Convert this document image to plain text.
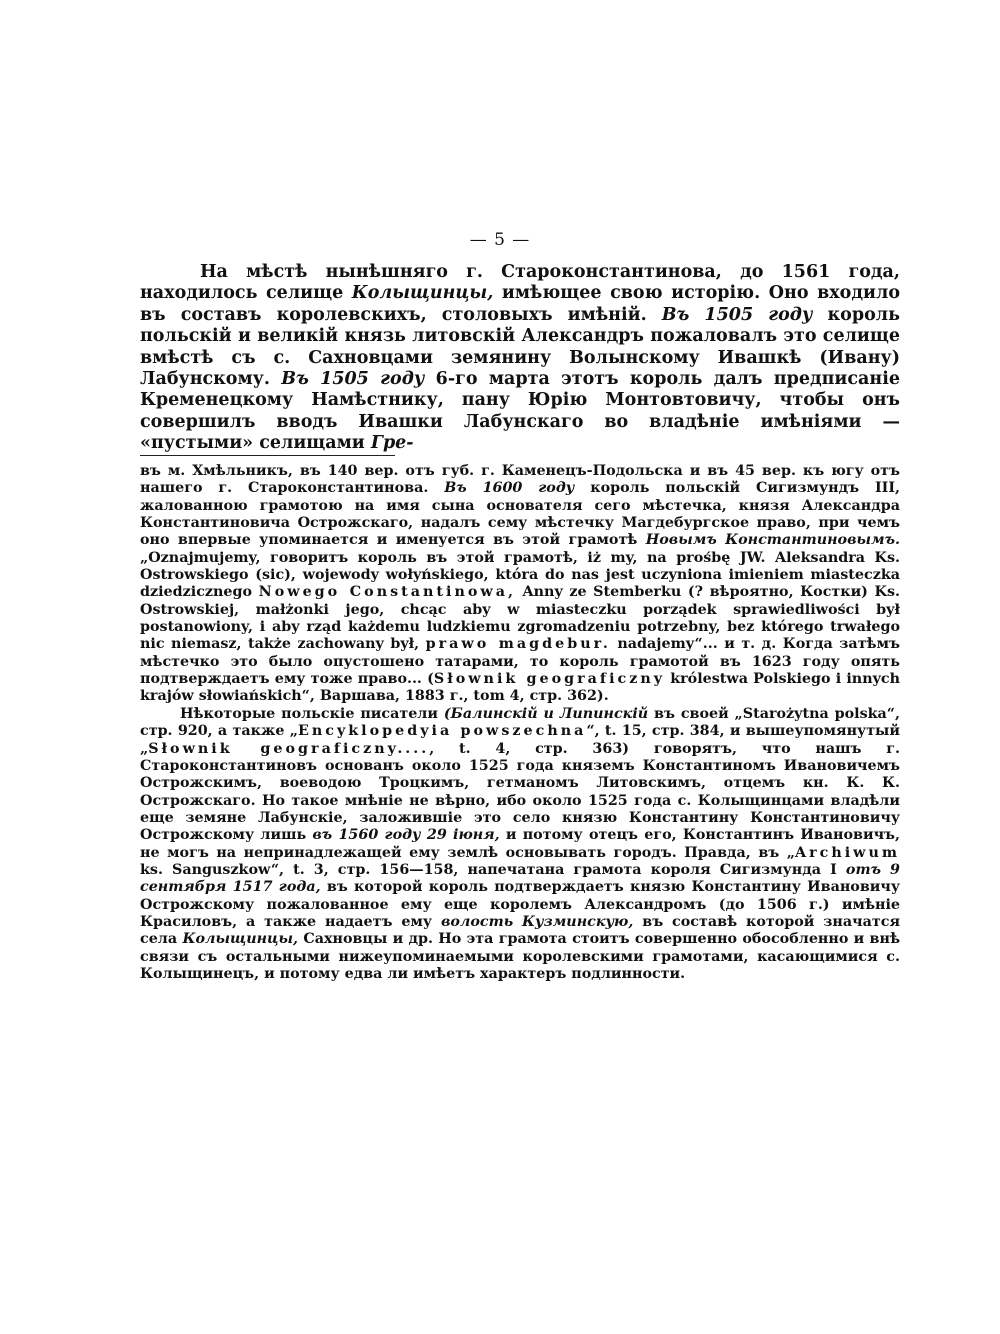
— 5 —

На мѣстѣ нынѣшняго г. Староконстантинова, до 1561 года, находилось селище Колыщинцы, имѣющее свою исторію. Оно входило въ составъ королевскихъ, столовыхъ имѣній. Въ 1505 году король польскій и великій князь литовскій Александръ пожаловалъ это селище вмѣстѣ съ с. Сахновцами земянину Волынскому Ивашкѣ (Ивану) Лабунскому. Въ 1505 году 6-го марта этотъ король далъ предписаніе Кременецкому Намѣстнику, пану Юрію Монтовтовичу, чтобы онъ совершилъ вводъ Ивашки Лабунскаго во владѣніе имѣніями — «пустыми» селищами Гре-

въ м. Хмѣльникъ, въ 140 вер. отъ губ. г. Каменецъ-Подольска и въ 45 вер. къ югу отъ нашего г. Староконстантинова. Въ 1600 году король польскій Сигизмундъ III, жалованною грамотою на имя сына основателя сего мѣстечка, князя Александра Константиновича Острожскаго, надалъ сему мѣстечку Магдебургское право, при чемъ оно впервые упоминается и именуется въ этой грамотѣ Новымъ Константиновымъ. „Oznajmujemy, говоритъ король въ этой грамотѣ, iż my, na prośbę JW. Aleksandra Ks. Ostrowskiego (sic), wojewody wołyńskiego, która do nas jest uczyniona imieniem miasteczka dziedzicznego Nowego Constantinowa, Anny ze Stemberku (? вѣроятно, Костки) Ks. Ostrowskiej, małżonki jego, chcąc aby w miasteczku porządek sprawiedliwości był postanowiony, i aby rząd każdemu ludzkiemu zgromadzeniu potrzebny, bez którego trwałego nic niemasz, także zachowany był, prawo magdebur. nadajemy“... и т. д. Когда затѣмъ мѣстечко это было опустошено татарами, то король грамотой въ 1623 году опять подтверждаетъ ему тоже право... (Słownik geograficzny królestwa Polskiego i innych krajów słowiańskich“, Варшава, 1883 г., tom 4, стр. 362).

Нѣкоторые польскіе писатели (Балинскій и Липинскій въ своей „Starożytna polska“, стр. 920, а также „Encyklopedyia powszechna“, t. 15, стр. 384, и вышеупомянутый „Słownik geograficzny...., t. 4, стр. 363) говорятъ, что нашъ г. Староконстантиновъ основанъ около 1525 года княземъ Константиномъ Ивановичемъ Острожскимъ, воеводою Троцкимъ, гетманомъ Литовскимъ, отцемъ кн. К. К. Острожскаго. Но такое мнѣніе не вѣрно, ибо около 1525 года с. Колыщинцами владѣли еще земяне Лабунскіе, заложившіе это село князю Константину Константиновичу Острожскому лишь въ 1560 году 29 іюня, и потому отецъ его, Константинъ Ивановичъ, не могъ на непринадлежащей ему землѣ основывать городъ. Правда, въ „Archiwum ks. Sanguszkow“, t. 3, стр. 156—158, напечатана грамота короля Сигизмунда I отъ 9 сентября 1517 года, въ которой король подтверждаетъ князю Константину Ивановичу Острожскому пожалованное ему еще королемъ Александромъ (до 1506 г.) имѣніе Красиловъ, а также надаетъ ему волость Кузминскую, въ составѣ которой значатся села Колыщинцы, Сахновцы и др. Но эта грамота стоитъ совершенно обособленно и внѣ связи съ остальными нижеупоминаемыми королевскими грамотами, касающимися с. Колыщинецъ, и потому едва ли имѣетъ характеръ подлинности.
